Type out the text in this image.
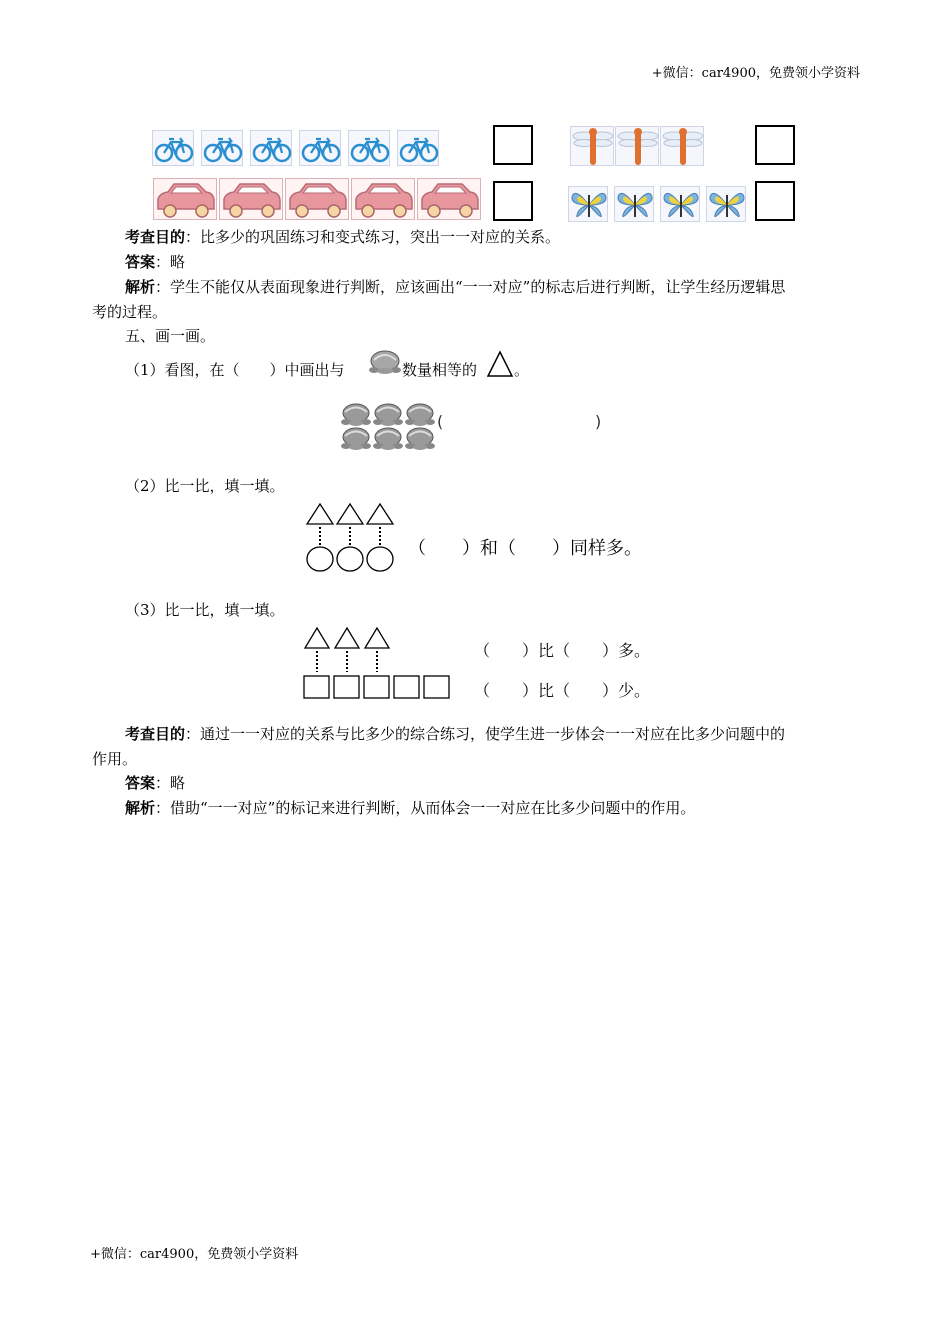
+微信：car4900，免费领小学资料
+微信：car4900，免费领小学资料
考查目的：比多少的巩固练习和变式练习，突出一一对应的关系。
答案：略
解析：学生不能仅从表面现象进行判断，应该画出“一一对应”的标志后进行判断，让学生经历逻辑思
考的过程。
五、画一画。
（1）看图，在（　　）中画出与	数量相等的 。
(	)
（2）比一比，填一填。
（　　）和（　　）同样多。
（3）比一比，填一填。
（　　）比（　　）多。
（　　）比（　　）少。
考查目的：通过一一对应的关系与比多少的综合练习，使学生进一步体会一一对应在比多少问题中的
作用。
答案：略
解析：借助“一一对应”的标记来进行判断，从而体会一一对应在比多少问题中的作用。
